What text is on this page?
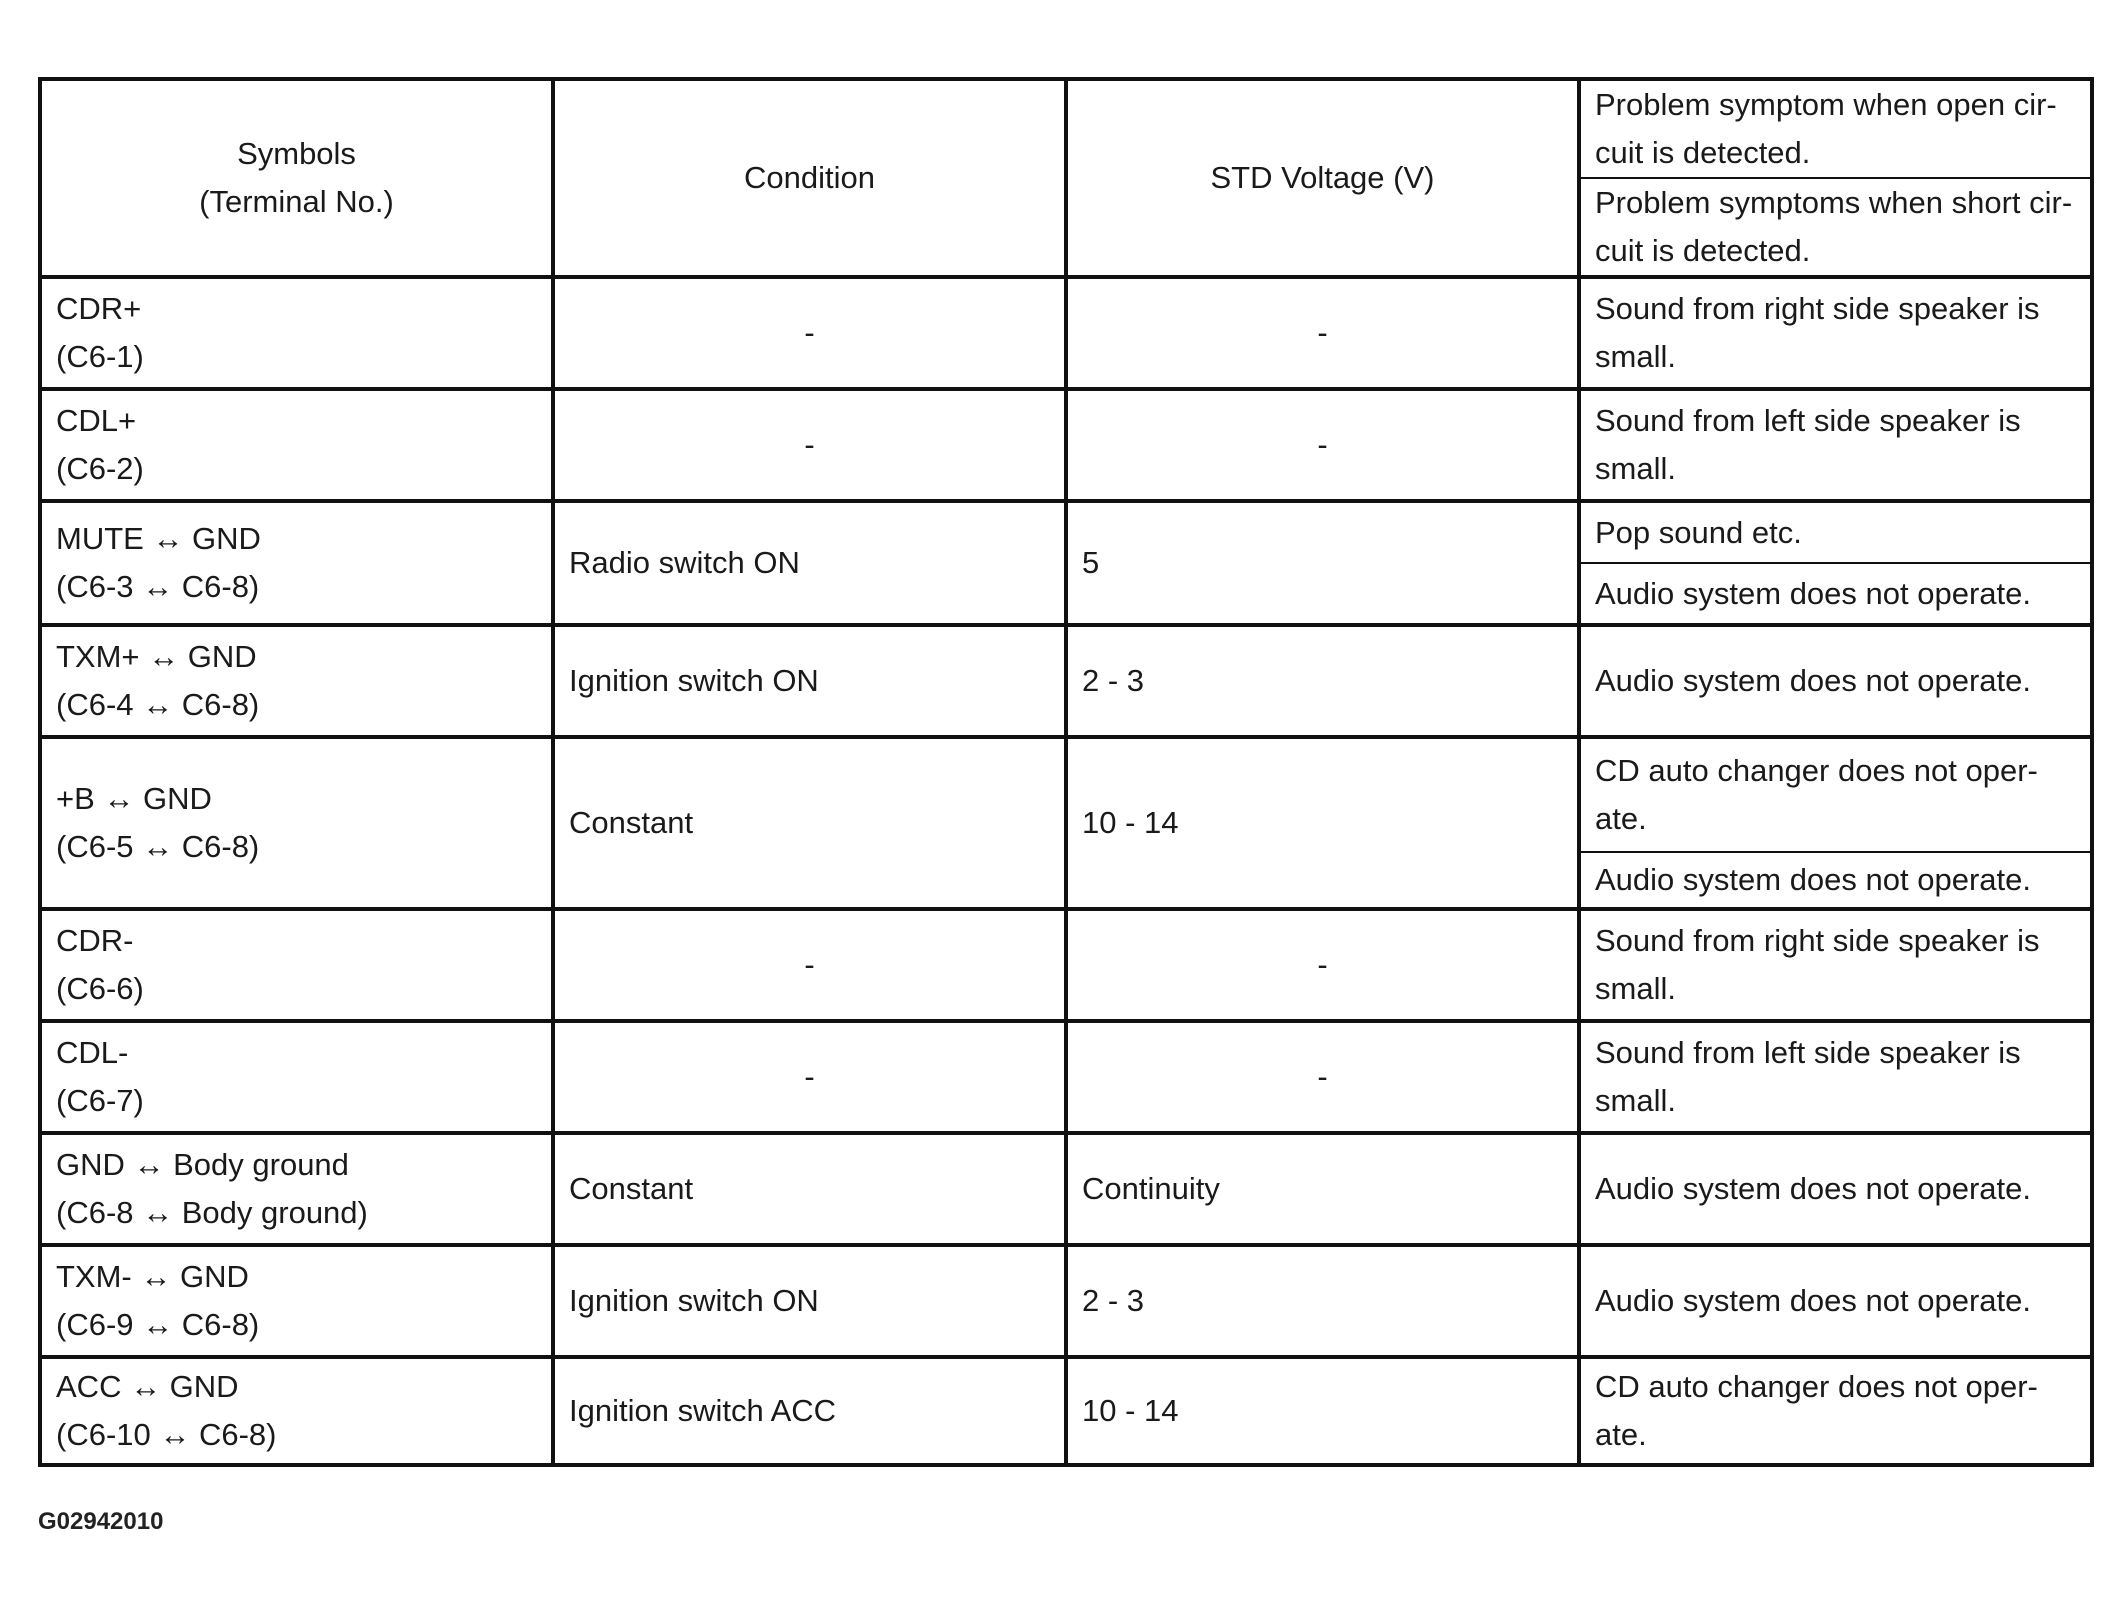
Symbols
(Terminal No.)	Condition	STD Voltage (V)	Problem symptom when open cir-
cuit is detected.

			Problem symptoms when short cir-
cuit is detected.

CDR+
(C6-1)	-	-	Sound from right side speaker is
small.

CDL+
(C6-2)	-	-	Sound from left side speaker is
small.

MUTE ↔ GND
(C6-3 ↔ C6-8)	Radio switch ON	5	Pop sound etc.

			Audio system does not operate.

TXM+ ↔ GND
(C6-4 ↔ C6-8)	Ignition switch ON	2 - 3	Audio system does not operate.

+B ↔ GND
(C6-5 ↔ C6-8)	Constant	10 - 14	CD auto changer does not oper-
ate.

			Audio system does not operate.

CDR-
(C6-6)	-	-	Sound from right side speaker is
small.

CDL-
(C6-7)	-	-	Sound from left side speaker is
small.

GND ↔ Body ground
(C6-8 ↔ Body ground)	Constant	Continuity	Audio system does not operate.

TXM- ↔ GND
(C6-9 ↔ C6-8)	Ignition switch ON	2 - 3	Audio system does not operate.

ACC ↔ GND
(C6-10 ↔ C6-8)	Ignition switch ACC	10 - 14	CD auto changer does not oper-
ate.
G02942010
